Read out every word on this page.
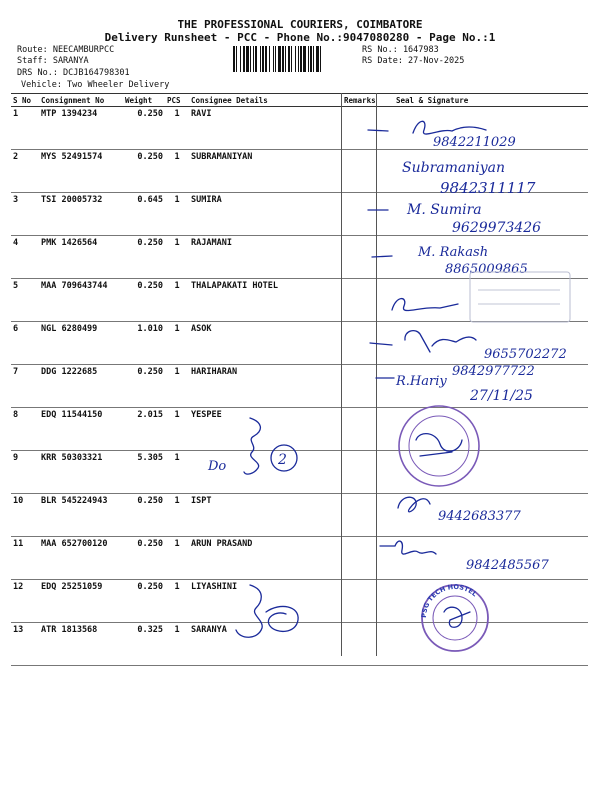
THE PROFESSIONAL COURIERS, COIMBATORE
Delivery Runsheet - PCC - Phone No.:9047080280 - Page No.:1
Route: NEECAMBURPCC
Staff: SARANYA
DRS No.: DCJB164798301
Vehicle: Two Wheeler Delivery
RS No.: 1647983
RS Date: 27-Nov-2025
S No	Consignment No	Weight	PCS	Consignee Details	Remarks	Seal & Signature
1	MTP 1394234	0.250	1	RAVI		
2	MYS 52491574	0.250	1	SUBRAMANIYAN		
3	TSI 20005732	0.645	1	SUMIRA		
4	PMK 1426564	0.250	1	RAJAMANI		
5	MAA 709643744	0.250	1	THALAPAKATI HOTEL		
6	NGL 6280499	1.010	1	ASOK		
7	DDG 1222685	0.250	1	HARIHARAN		
8	EDQ 11544150	2.015	1	YESPEE		
9	KRR 50303321	5.305	1			
10	BLR 545224943	0.250	1	ISPT		
11	MAA 652700120	0.250	1	ARUN PRASAND		
12	EDQ 25251059	0.250	1	LIYASHINI		
13	ATR 1813568	0.325	1	SARANYA		
9842211029
Subramaniyan
9842311117
M. Sumira
9629973426
M. Rakash
8865009865
9655702272
R.Hariy
9842977722
27/11/25
Do	2
9442683377
9842485567
PSG TECH HOSTEL
